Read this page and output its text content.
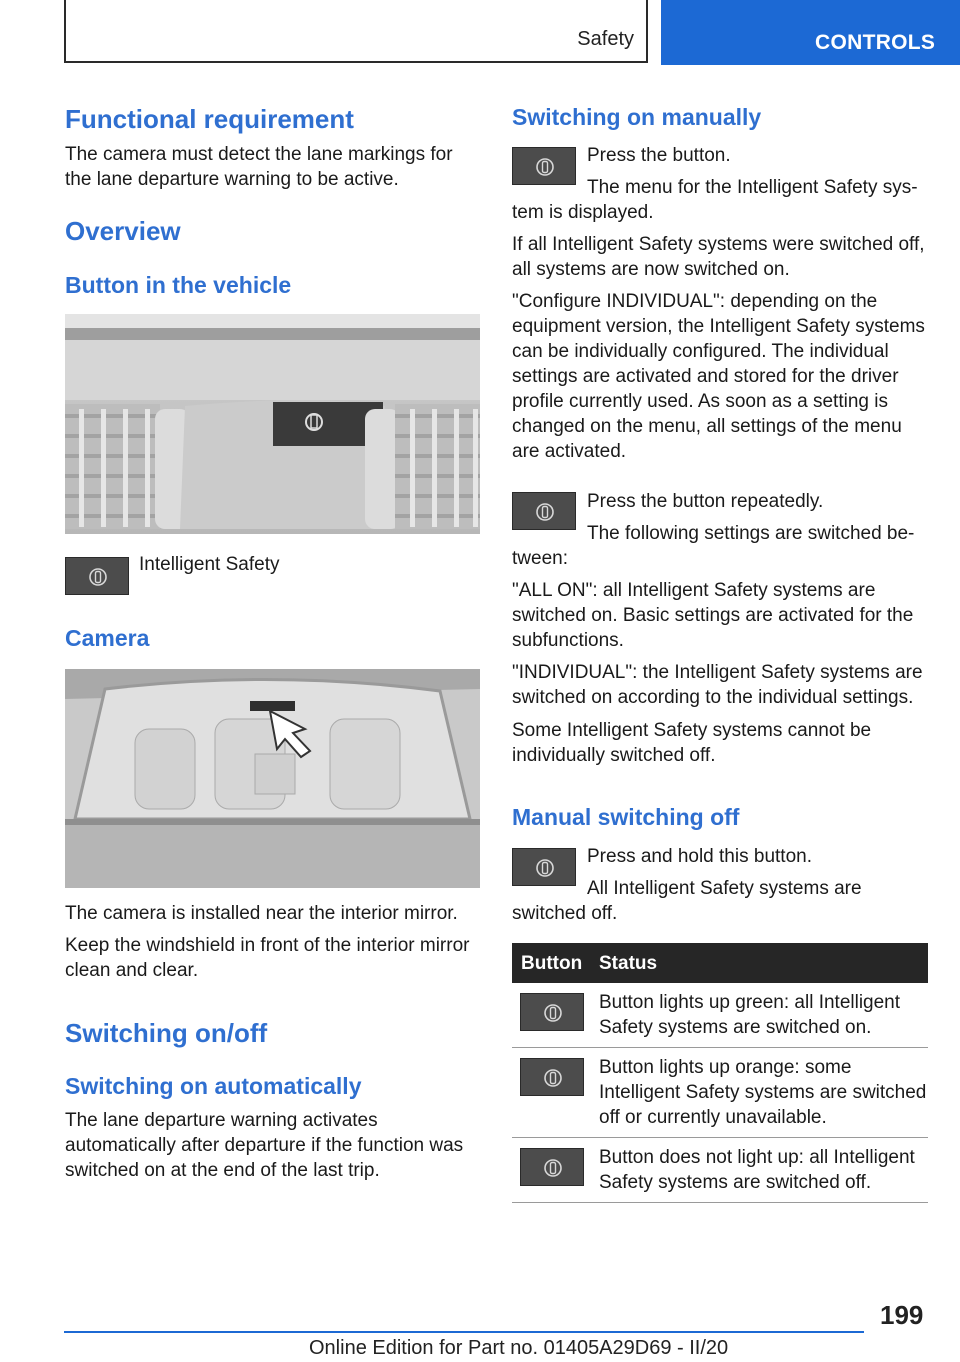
Safety	CONTROLS
Functional requirement

The camera must detect the lane markings for the lane departure warning to be active.

Overview
Button in the vehicle

Intelligent Safety

Camera

The camera is installed near the interior mirror.

Keep the windshield in front of the interior mirror clean and clear.

Switching on/off
Switching on automatically

The lane departure warning activates automatically after departure if the function was switched on at the end of the last trip.

Switching on manually

Press the button.

The menu for the Intelligent Safety sys-

tem is displayed.

If all Intelligent Safety systems were switched off, all systems are now switched on.

"Configure INDIVIDUAL": depending on the equipment version, the Intelligent Safety systems can be individually configured. The individual settings are activated and stored for the driver profile currently used. As soon as a setting is changed on the menu, all settings of the menu are activated.

Press the button repeatedly.

The following settings are switched be-

tween:

"ALL ON": all Intelligent Safety systems are switched on. Basic settings are activated for the subfunctions.

"INDIVIDUAL": the Intelligent Safety systems are switched on according to the individual settings.

Some Intelligent Safety systems cannot be individually switched off.

Manual switching off

Press and hold this button.

All Intelligent Safety systems are

switched off.

Button Status
Button lights up green: all Intelligent Safety systems are switched on.
Button lights up orange: some Intelligent Safety systems are switched off or currently unavailable.
Button does not light up: all Intelligent Safety systems are switched off.
199
Online Edition for Part no. 01405A29D69 - II/20
